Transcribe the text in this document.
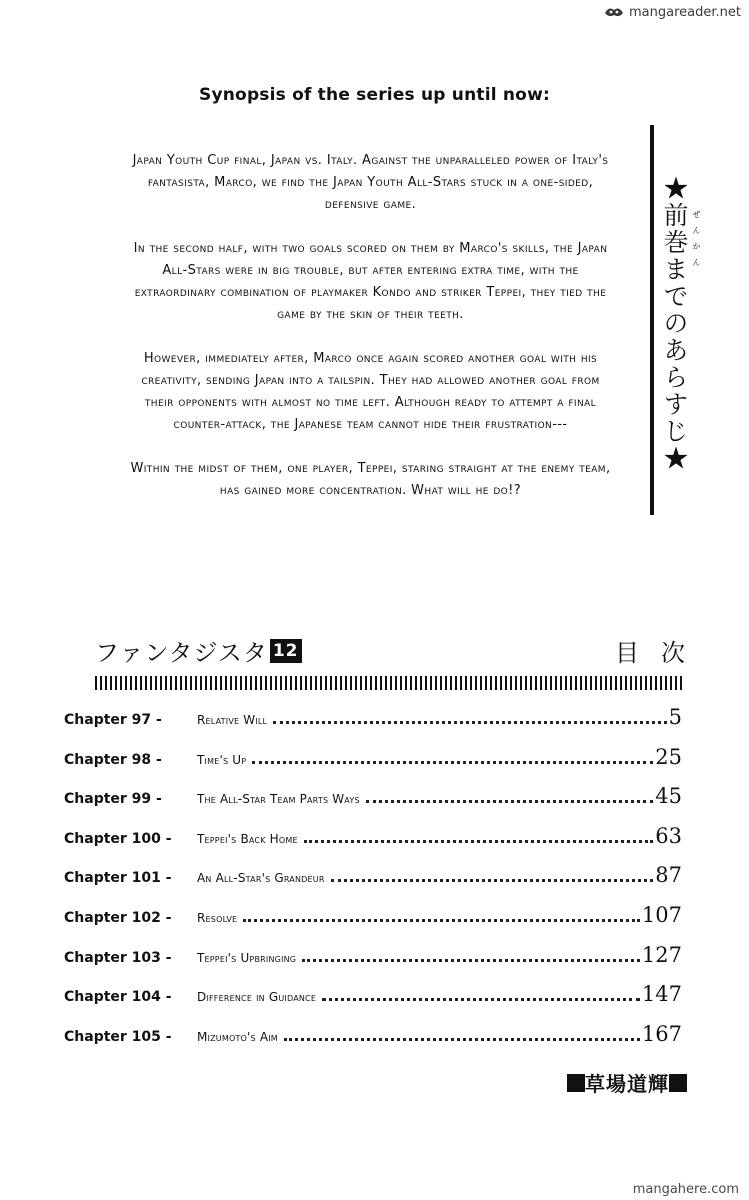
mangareader.net
Synopsis of the series up until now:

Japan Youth Cup final, Japan vs. Italy. Against the unparalleled power of Italy's fantasista, Marco, we find the Japan Youth All-Stars stuck in a one-sided, defensive game.

In the second half, with two goals scored on them by Marco's skills, the Japan All-Stars were in big trouble, but after entering extra time, with the extraordinary combination of playmaker Kondo and striker Teppei, they tied the game by the skin of their teeth.

However, immediately after, Marco once again scored another goal with his creativity, sending Japan into a tailspin. They had allowed another goal from their opponents with almost no time left. Although ready to attempt a final counter-attack, the Japanese team cannot hide their frustration---

Within the midst of them, one player, Teppei, staring straight at the enemy team, has gained more concentration. What will he do!?

★前巻までのあらすじ★ ぜんかん
ファンタジスタ 12	目次
Chapter 97 -	Relative Will	5
Chapter 98 -	Time's Up	25
Chapter 99 -	The All-Star Team Parts Ways	45
Chapter 100 -	Teppei's Back Home	63
Chapter 101 -	An All-Star's Grandeur	87
Chapter 102 -	Resolve	107
Chapter 103 -	Teppei's Upbringing	127
Chapter 104 -	Difference in Guidance	147
Chapter 105 -	Mizumoto's Aim	167
草場道輝
mangahere.com
